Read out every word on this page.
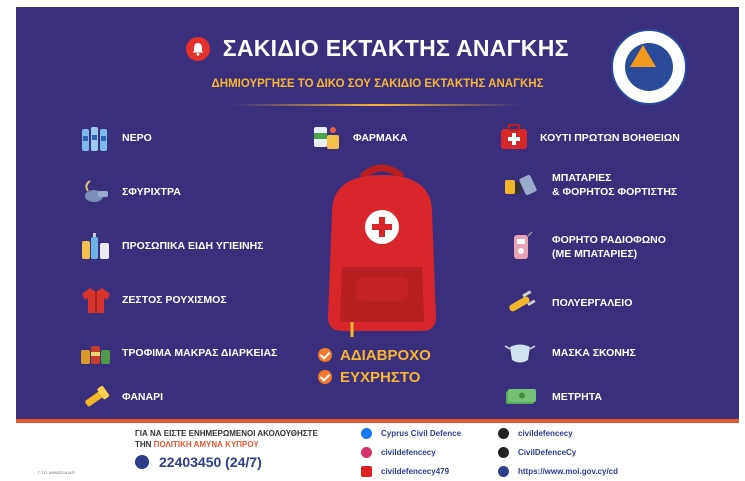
ΣΑΚΙΔΙΟ ΕΚΤΑΚΤΗΣ ΑΝΑΓΚΗΣ
ΔΗΜΙΟΥΡΓΗΣΕ ΤΟ ΔΙΚΟ ΣΟΥ ΣΑΚΙΔΙΟ ΕΚΤΑΚΤΗΣ ΑΝΑΓΚΗΣ
ΝΕΡΟ
ΣΦΥΡΙΧΤΡΑ
ΠΡΟΣΩΠΙΚΑ ΕΙΔΗ ΥΓΙΕΙΝΗΣ
ΖΕΣΤΟΣ ΡΟΥΧΙΣΜΟΣ
ΤΡΟΦΙΜΑ ΜΑΚΡΑΣ ΔΙΑΡΚΕΙΑΣ
ΦΑΝΑΡΙ
ΦΑΡΜΑΚΑ
ΑΔΙΑΒΡΟΧΟ
ΕΥΧΡΗΣΤΟ
ΚΟΥΤΙ ΠΡΩΤΩΝ ΒΟΗΘΕΙΩΝ
ΜΠΑΤΑΡΙΕΣ
& ΦΟΡΗΤΟΣ ΦΟΡΤΙΣΤΗΣ
ΦΟΡΗΤΟ ΡΑΔΙΟΦΩΝΟ
(ΜΕ ΜΠΑΤΑΡΙΕΣ)
ΠΟΛΥΕΡΓΑΛΕΙΟ
ΜΑΣΚΑ ΣΚΟΝΗΣ
ΜΕΤΡΗΤΑ
ΓΙΑ ΝΑ ΕΙΣΤΕ ΕΝΗΜΕΡΩΜΕΝΟΙ ΑΚΟΛΟΥΘΗΣΤΕ
ΤΗΝ ΠΟΛΙΤΙΚΗ ΑΜΥΝΑ ΚΥΠΡΟΥ
22403450 (24/7)
Cyprus Civil Defence
civildefencecy
civildefencecy479
civildefencecy
CivilDefenceCy
https://www.moi.gov.cy/cd
Γ.Τ.Π. ΔΗΜΟΣΙΑ ΙΑΠ
